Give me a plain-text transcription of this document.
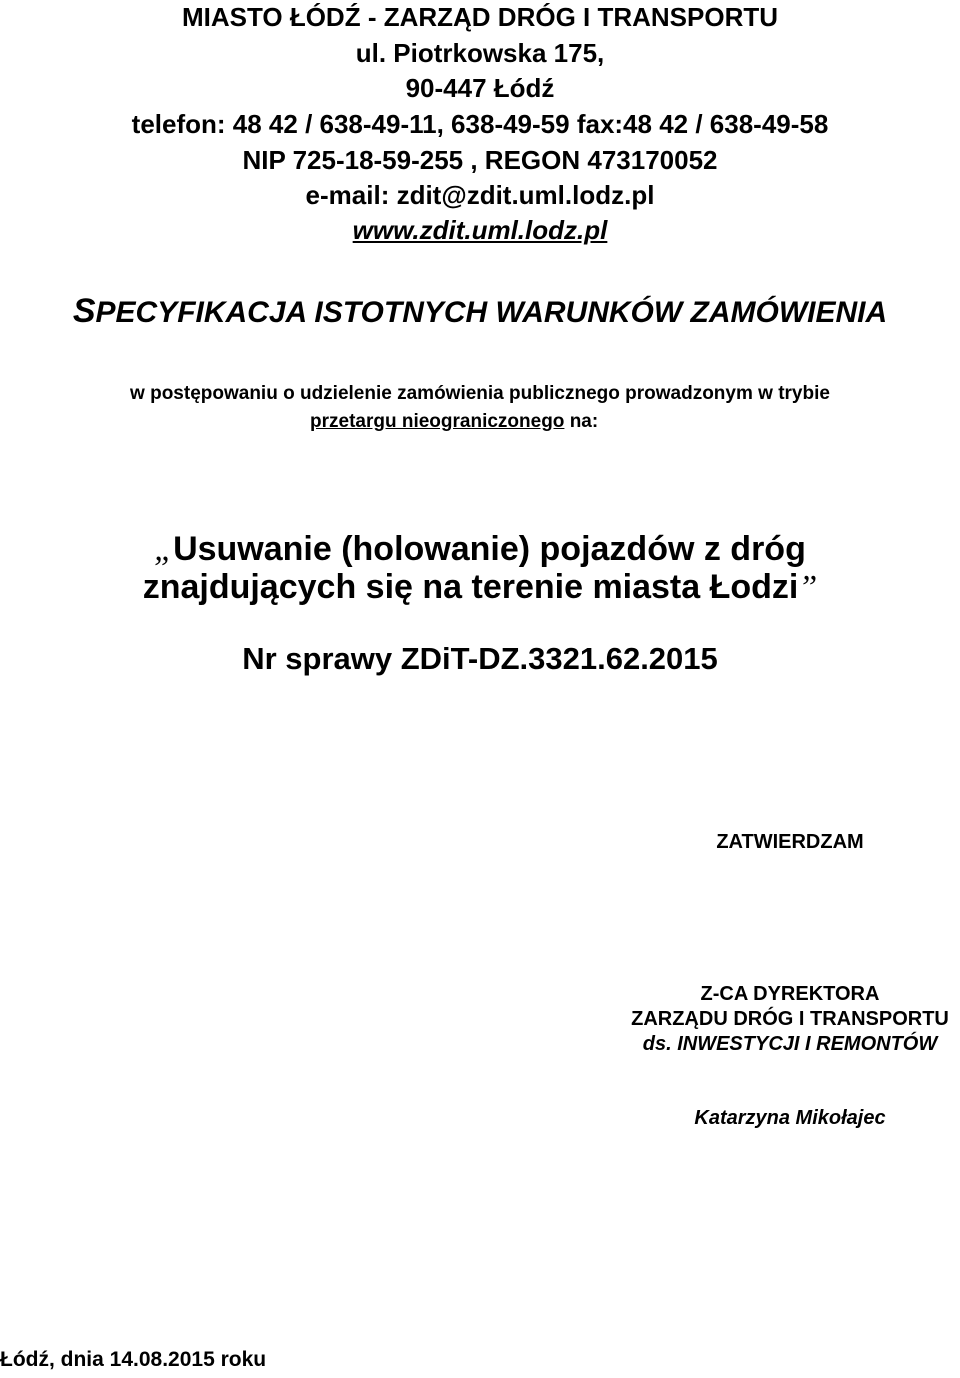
MIASTO ŁÓDŹ - ZARZĄD DRÓG I TRANSPORTU
ul. Piotrkowska 175,
90-447 Łódź
telefon: 48 42 / 638-49-11, 638-49-59 fax:48 42 / 638-49-58
NIP 725-18-59-255 , REGON 473170052
e-mail: zdit@zdit.uml.lodz.pl
www.zdit.uml.lodz.pl
SPECYFIKACJA ISTOTNYCH WARUNKÓW ZAMÓWIENIA
w postępowaniu o udzielenie zamówienia publicznego prowadzonym w trybie
przetargu nieograniczonego na:
„Usuwanie (holowanie) pojazdów z dróg
znajdujących się na terenie miasta Łodzi”
Nr sprawy ZDiT-DZ.3321.62.2015
ZATWIERDZAM
Z-CA DYREKTORA
ZARZĄDU DRÓG I TRANSPORTU
ds. INWESTYCJI I REMONTÓW
Katarzyna Mikołajec
Łódź, dnia 14.08.2015 roku
